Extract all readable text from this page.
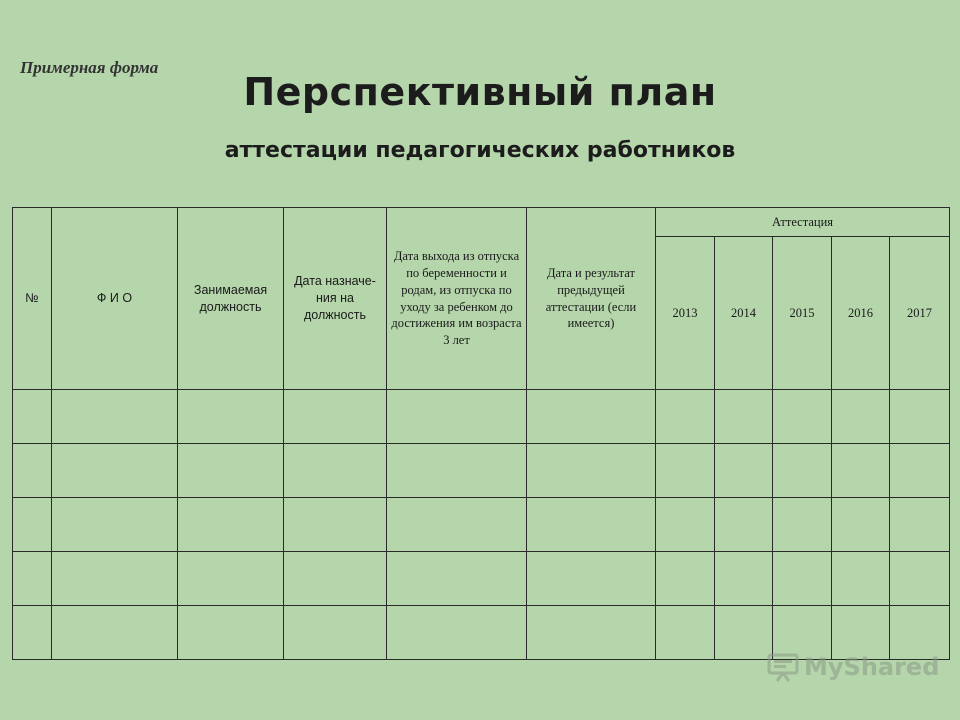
Примерная форма
Перспективный план
аттестации педагогических работников
№	Ф И О	Занимаемая должность	Дата назначе-ния на должность	Дата выхода из отпуска по беременности и родам, из отпуска по уходу за ребенком до достижения им возраста 3 лет	Дата и результат предыдущей аттестации (если имеется)	Аттестация				
						2013	2014	2015	2016	2017

MyShared
